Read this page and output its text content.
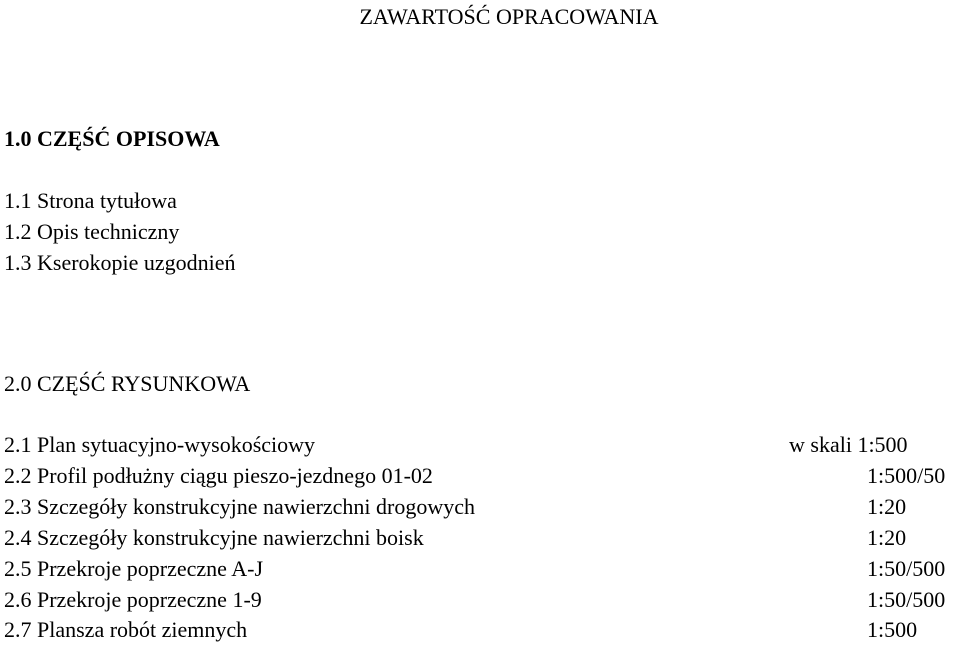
ZAWARTOŚĆ OPRACOWANIA
1.0 CZĘŚĆ OPISOWA
1.1 Strona tytułowa
1.2 Opis techniczny
1.3 Kserokopie uzgodnień
2.0 CZĘŚĆ RYSUNKOWA
2.1 Plan sytuacyjno-wysokościowy	w skali 1:500
2.2 Profil podłużny ciągu pieszo-jezdnego 01-02	1:500/50
2.3 Szczegóły konstrukcyjne nawierzchni drogowych	1:20
2.4 Szczegóły konstrukcyjne nawierzchni boisk	1:20
2.5 Przekroje poprzeczne A-J	1:50/500
2.6 Przekroje poprzeczne 1-9	1:50/500
2.7 Plansza robót ziemnych	1:500
